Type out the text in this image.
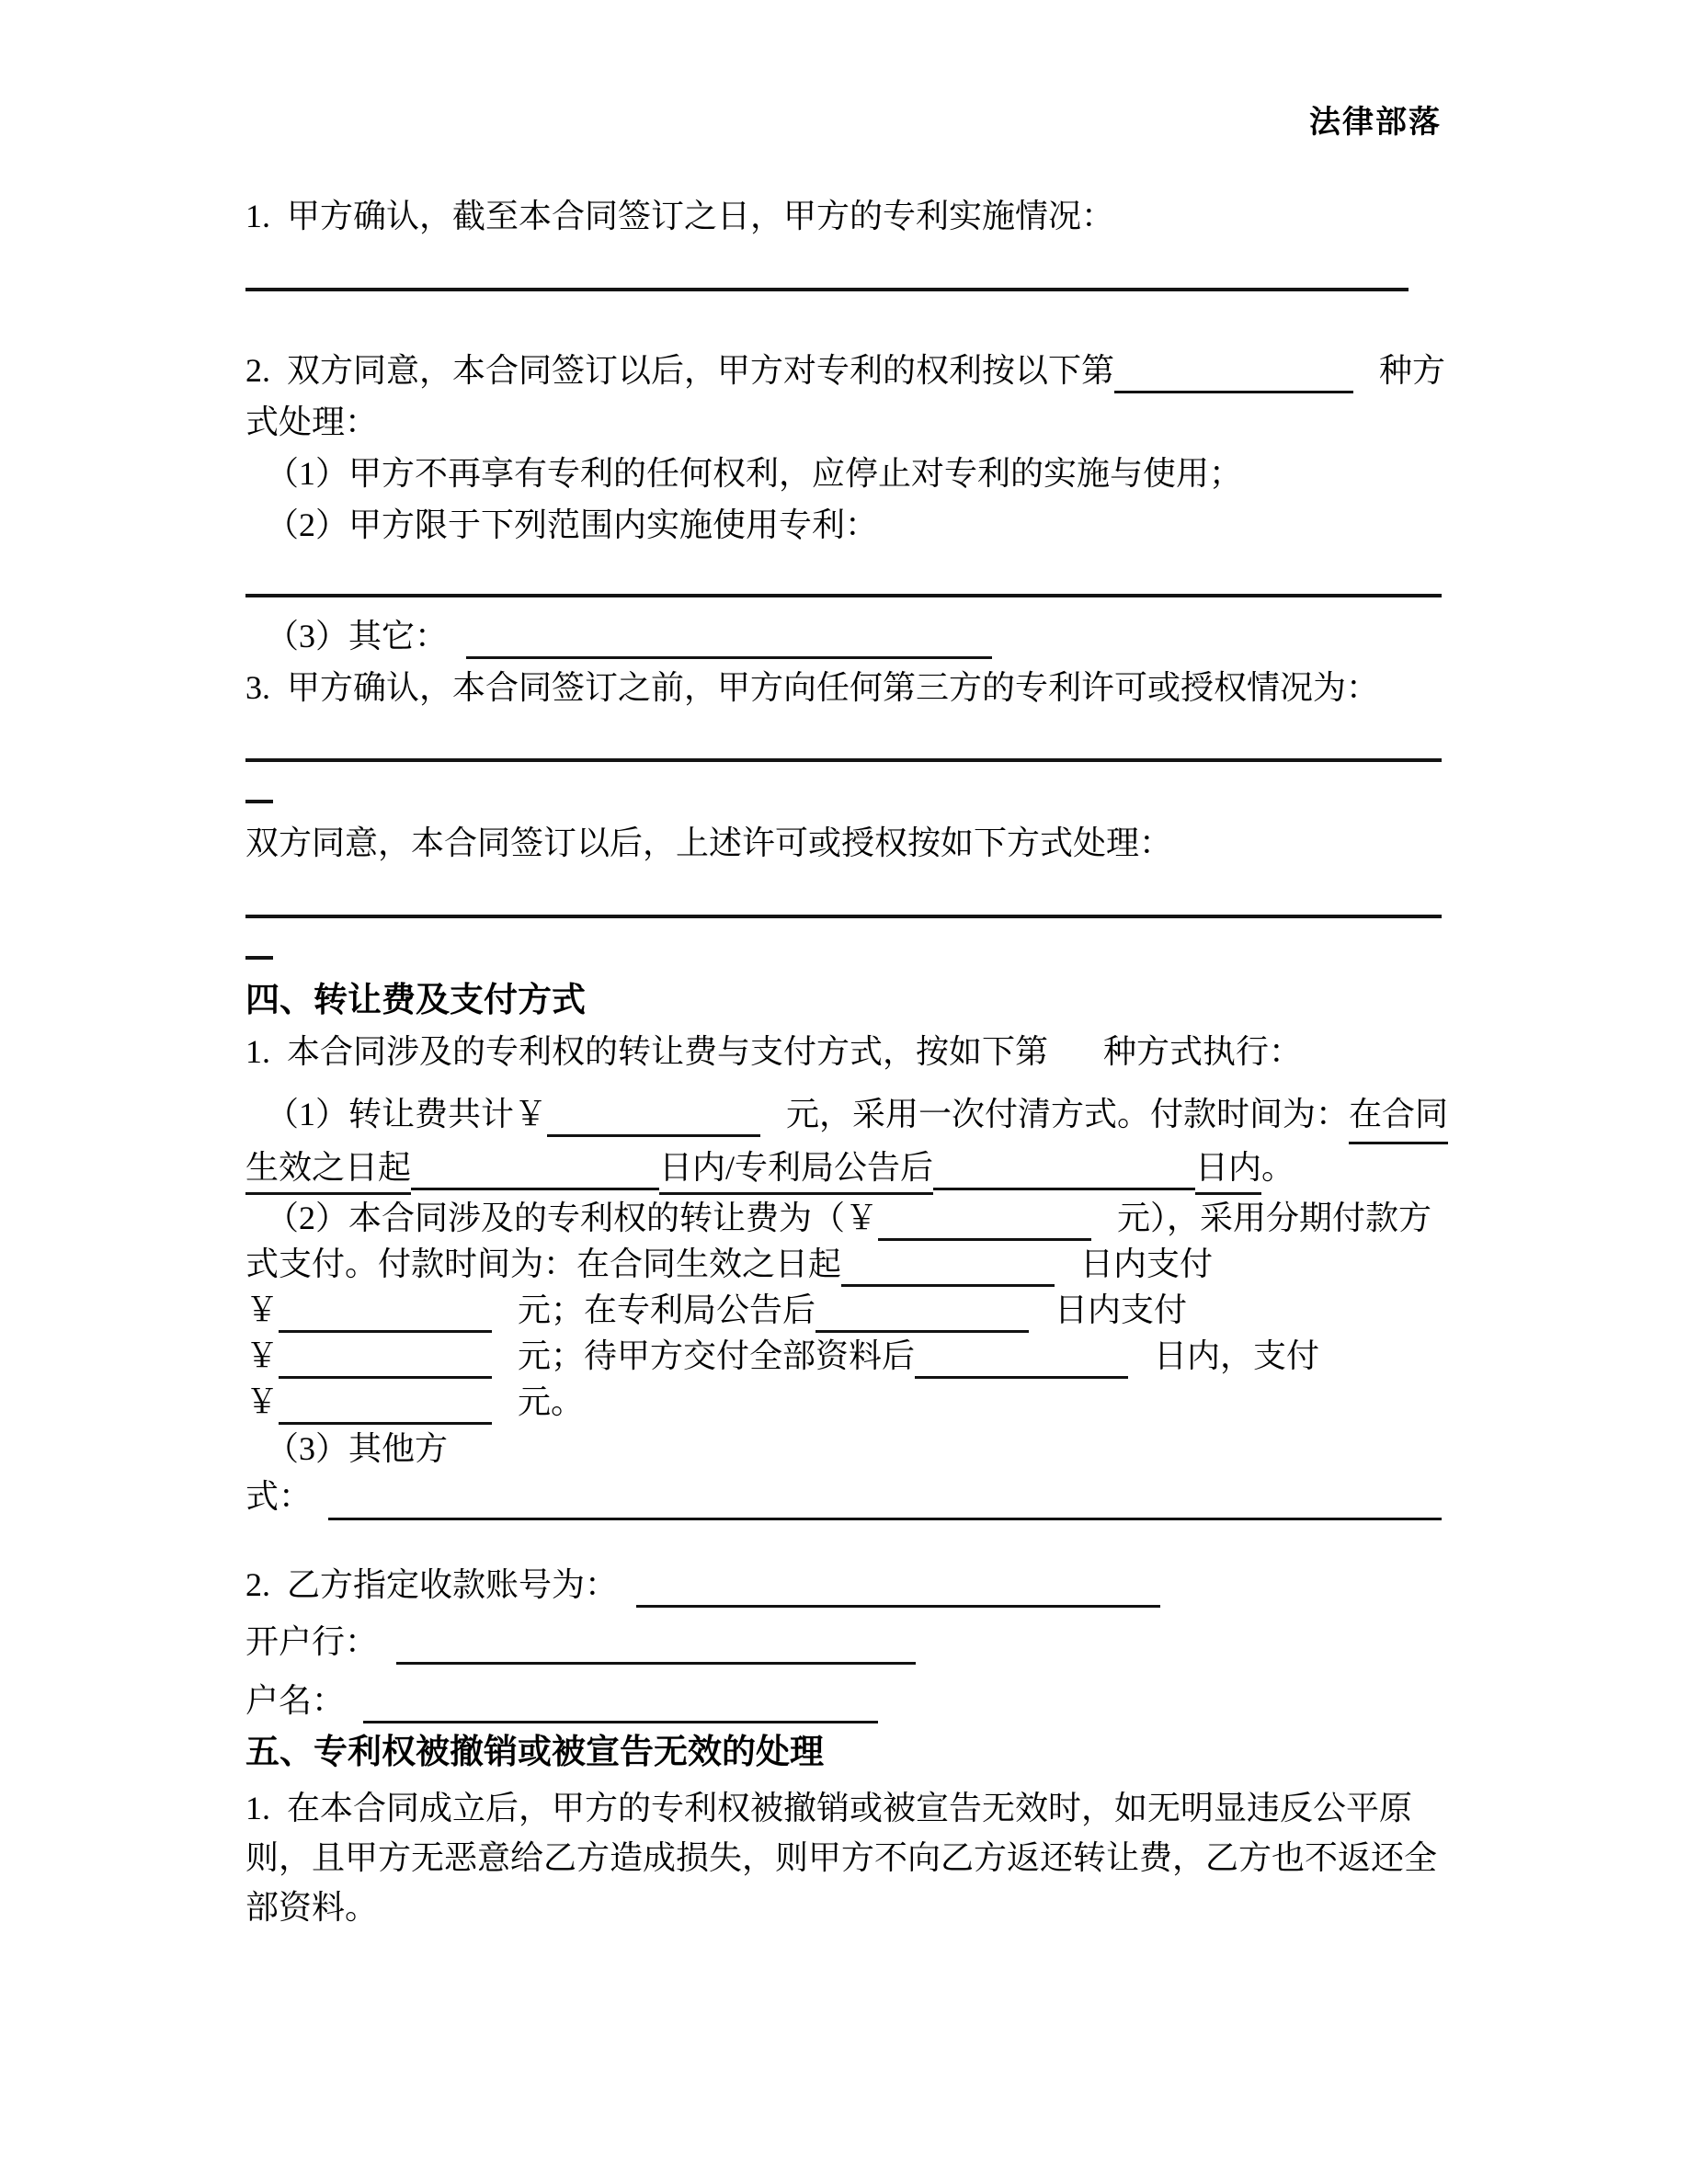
法律部落
1.  甲方确认，截至本合同签订之日，甲方的专利实施情况：
2.  双方同意，本合同签订以后，甲方对专利的权利按以下第	种方
式处理：
（1）甲方不再享有专利的任何权利，应停止对专利的实施与使用；
（2）甲方限于下列范围内实施使用专利：
（3）其它：
3.  甲方确认，本合同签订之前，甲方向任何第三方的专利许可或授权情况为：
双方同意，本合同签订以后，上述许可或授权按如下方式处理：
四、转让费及支付方式
1.  本合同涉及的专利权的转让费与支付方式，按如下第 种方式执行：
（1）转让费共计￥	元，采用一次付清方式。付款时间为：在合同
生效之日起	日内/专利局公告后	日内。
（2）本合同涉及的专利权的转让费为（￥	元），采用分期付款方
式支付。付款时间为：在合同生效之日起	日内支付
￥	元；在专利局公告后	日内支付
￥	元；待甲方交付全部资料后	日内，支付
￥	元。
（3）其他方
式：
2.  乙方指定收款账号为：
开户行：
户名：
五、专利权被撤销或被宣告无效的处理
1.  在本合同成立后，甲方的专利权被撤销或被宣告无效时，如无明显违反公平原
则，且甲方无恶意给乙方造成损失，则甲方不向乙方返还转让费，乙方也不返还全
部资料。
